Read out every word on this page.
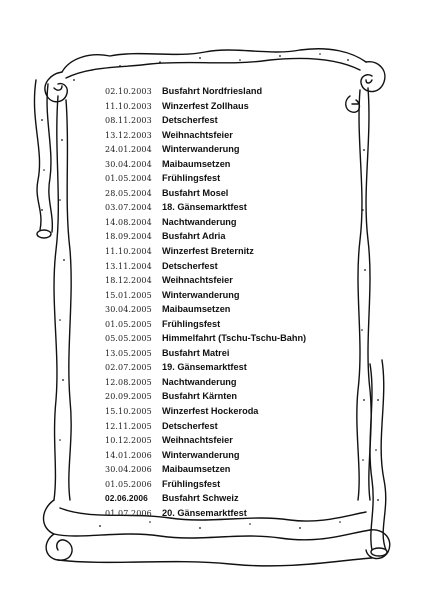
02.10.2003	Busfahrt Nordfriesland
11.10.2003	Winzerfest Zollhaus
08.11.2003	Detscherfest
13.12.2003	Weihnachtsfeier
24.01.2004	Winterwanderung
30.04.2004	Maibaumsetzen
01.05.2004	Frühlingsfest
28.05.2004	Busfahrt Mosel
03.07.2004	18. Gänsemarktfest
14.08.2004	Nachtwanderung
18.09.2004	Busfahrt Adria
11.10.2004	Winzerfest Breternitz
13.11.2004	Detscherfest
18.12.2004	Weihnachtsfeier
15.01.2005	Winterwanderung
30.04.2005	Maibaumsetzen
01.05.2005	Frühlingsfest
05.05.2005	Himmelfahrt (Tschu-Tschu-Bahn)
13.05.2005	Busfahrt Matrei
02.07.2005	19. Gänsemarktfest
12.08.2005	Nachtwanderung
20.09.2005	Busfahrt Kärnten
15.10.2005	Winzerfest Hockeroda
12.11.2005	Detscherfest
10.12.2005	Weihnachtsfeier
14.01.2006	Winterwanderung
30.04.2006	Maibaumsetzen
01.05.2006	Frühlingsfest
02.06.2006	Busfahrt Schweiz
01.07.2006	20. Gänsemarktfest
